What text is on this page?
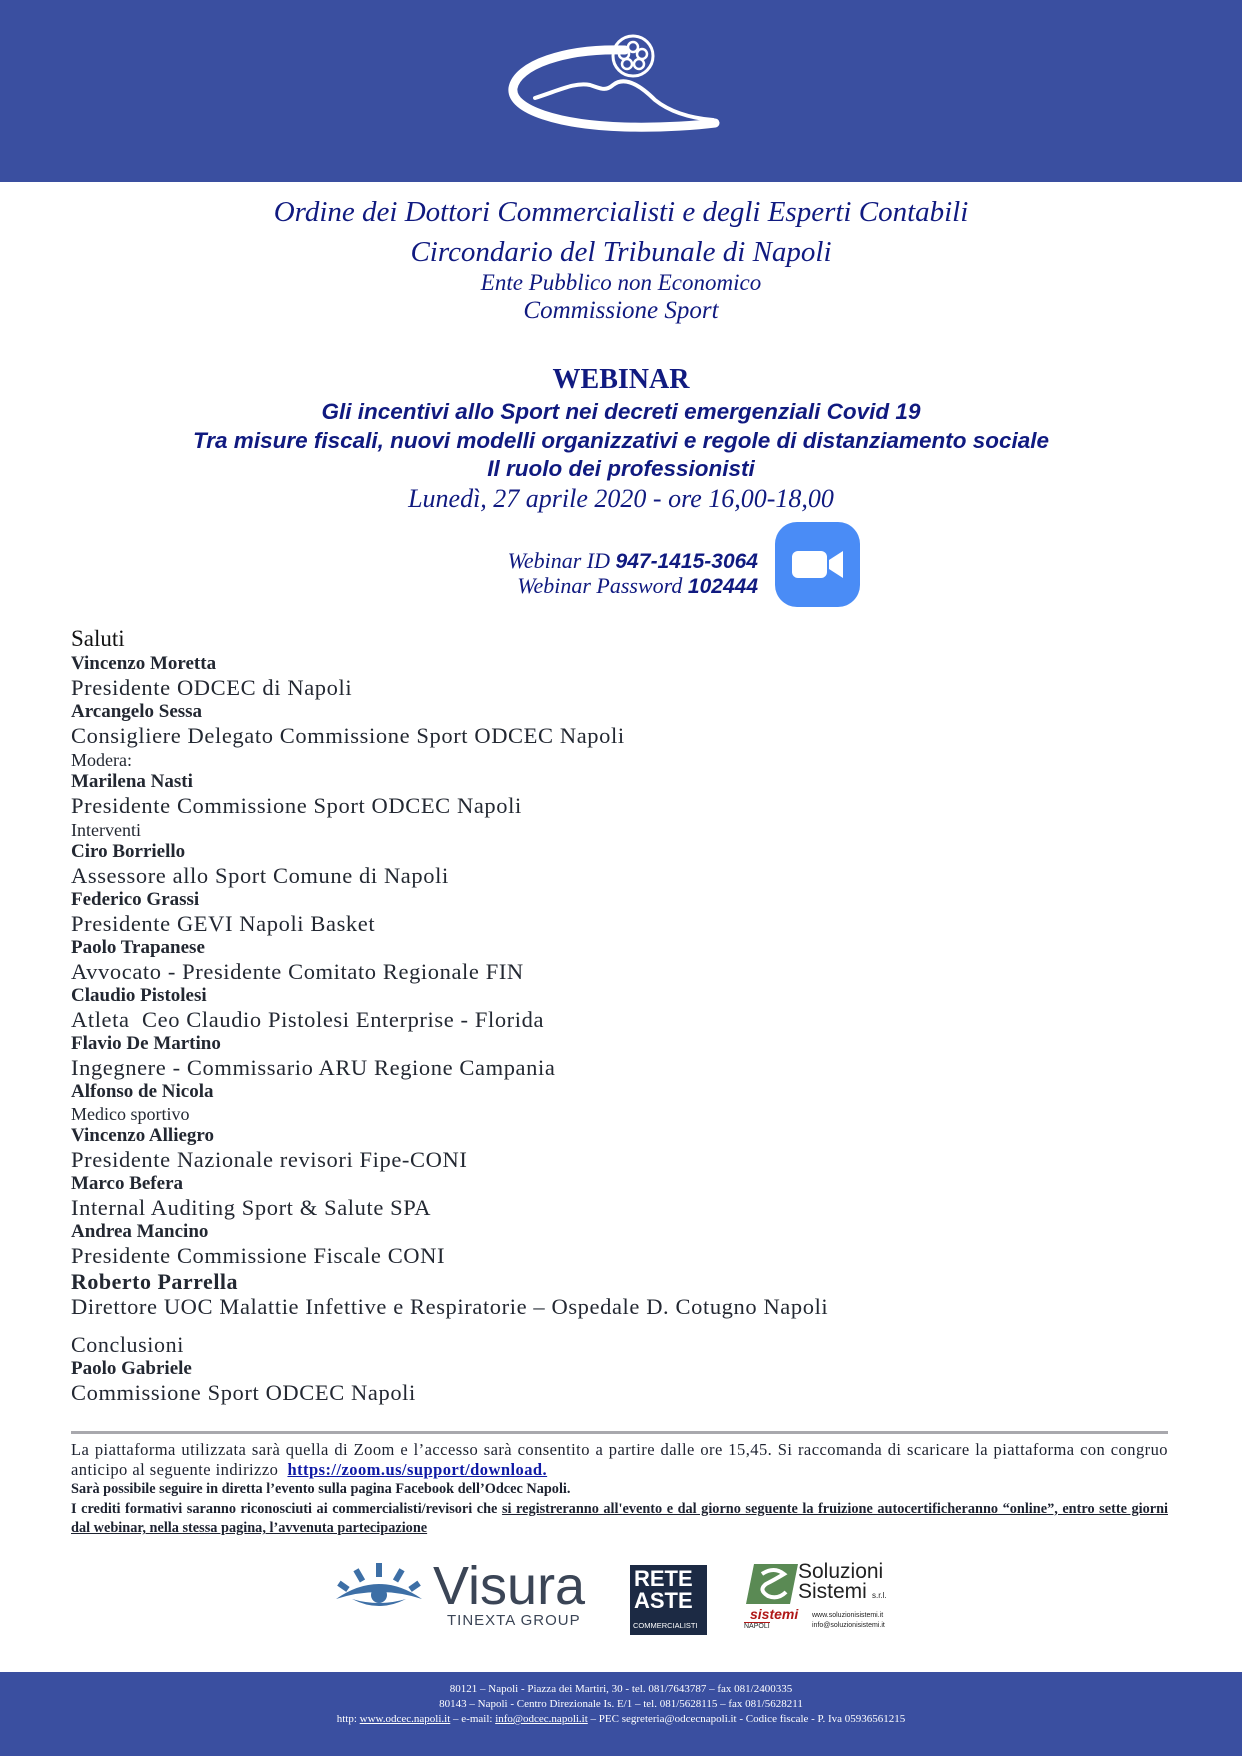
Ordine dei Dottori Commercialisti e degli Esperti Contabili
Circondario del Tribunale di Napoli
Ente Pubblico non Economico
Commissione Sport
WEBINAR
Gli incentivi allo Sport nei decreti emergenziali Covid 19
Tra misure fiscali, nuovi modelli organizzativi e regole di distanziamento sociale
Il ruolo dei professionisti
Lunedì, 27 aprile 2020 - ore 16,00-18,00
Webinar ID 947-1415-3064
Webinar Password 102444
Saluti
Vincenzo Moretta
Presidente ODCEC di Napoli
Arcangelo Sessa
Consigliere Delegato Commissione Sport ODCEC Napoli
Modera:
Marilena Nasti
Presidente Commissione Sport ODCEC Napoli
Interventi
Ciro Borriello
Assessore allo Sport Comune di Napoli
Federico Grassi
Presidente GEVI Napoli Basket
Paolo Trapanese
Avvocato - Presidente Comitato Regionale FIN
Claudio Pistolesi
Atleta  Ceo Claudio Pistolesi Enterprise - Florida
Flavio De Martino
Ingegnere - Commissario ARU Regione Campania
Alfonso de Nicola
Medico sportivo
Vincenzo Alliegro
Presidente Nazionale revisori Fipe-CONI
Marco Befera
Internal Auditing Sport & Salute SPA
Andrea Mancino
Presidente Commissione Fiscale CONI
Roberto Parrella
Direttore UOC Malattie Infettive e Respiratorie – Ospedale D. Cotugno Napoli
Conclusioni
Paolo Gabriele
Commissione Sport ODCEC Napoli
La piattaforma utilizzata sarà quella di Zoom e l’accesso sarà consentito a partire dalle ore 15,45. Si raccomanda di scaricare la piattaforma con congruo anticipo al seguente indirizzo https://zoom.us/support/download.
Sarà possibile seguire in diretta l’evento sulla pagina Facebook dell’Odcec Napoli.
I crediti formativi saranno riconosciuti ai commercialisti/revisori che si registreranno all'evento e dal giorno seguente la fruizione autocertificheranno “online”, entro sette giorni dal webinar, nella stessa pagina, l’avvenuta partecipazione
Visura
TINEXTA GROUP
RETE
ASTE
COMMERCIALISTI
Soluzioni
Sistemi s.r.l.
sistemi
NAPOLI
www.soluzionisistemi.it
info@soluzionisistemi.it
80121 – Napoli - Piazza dei Martiri, 30 - tel. 081/7643787 – fax 081/2400335
80143 – Napoli - Centro Direzionale Is. E/1 – tel. 081/5628115 – fax 081/5628211
http: www.odcec.napoli.it – e-mail: info@odcec.napoli.it – PEC segreteria@odcecnapoli.it - Codice fiscale - P. Iva 05936561215
